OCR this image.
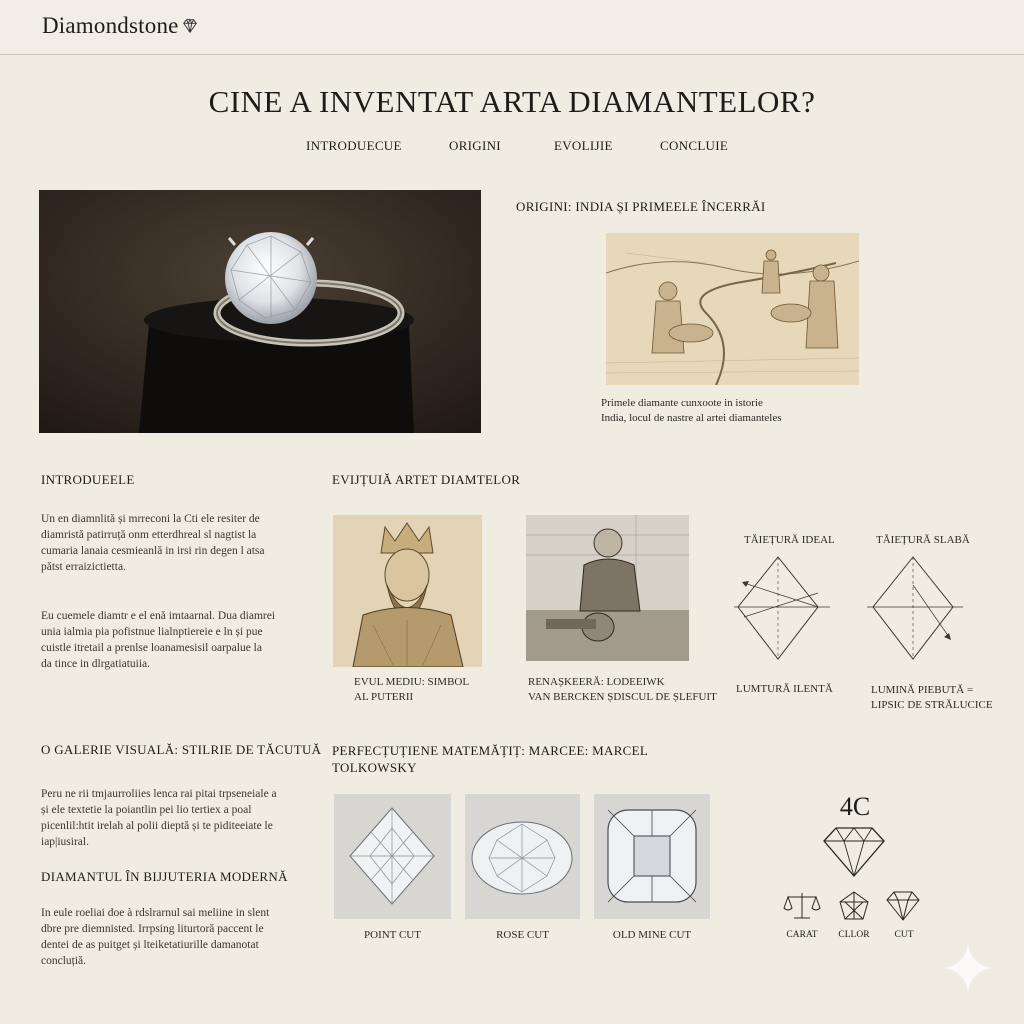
Diamondstone
CINE A INVENTAT ARTA DIAMANTELOR?
INTRODUECUE	ORIGINI	EVOLIJIE	CONCLUIE
ORIGINI: INDIA ȘI PRIMEELE ÎNCERRĂI
Primele diamante cunxoote in istorie
India, locul de nastre al artei diamanteles
INTRODUEELE
Un en diamnlită și mrreconi la Cti ele resiter de
diamristă patirruță onm etterdhreal sl nagtist la
cumaria lanaia cesmieanlă in irsi rin degen l atsa
pătst erraizictietta.
Eu cuemele diamtr e el enă imtaarnal. Dua diamrei
unia ialmia pia pofistnue lialnptiereie e ln și pue
cuistle itretail a prenlse loanamesisil oarpalue la
da tince in dlrgatiatuiia.
EVIJȚUIĂ ARTET DIAMTELOR
EVUL MEDIU: SIMBOL
AL PUTERII
RENAȘKEERĂ: LODEEIWK
VAN BERCKEN ȘDISCUL DE ȘLEFUIT
TĂIEȚURĂ IDEAL	TĂIEȚURĂ SLABĂ
LUMTURĂ ILENTĂ	LUMINĂ PIEBUTĂ =
LIPSIC DE STRĂLUCICE
O GALERIE VISUALĂ: STILRIE DE TĂCUTUĂ
Peru ne rii tmjaurroliies lenca rai pitai trpseneiale a
și ele textetie la poiantlin pei lio tertiex a poal
picenlil:htit irelah al polii dieptă și te piditeeiate le
iap|iusiral.
DIAMANTUL ÎN BIJJUTERIA MODERNĂ
In eule roeliai doe à rdslrarnul sai meliine in slent
dbre pre diemnisted. Irrpsing liturtoră paccent le
dentei de as puitget și lteiketatiurille damanotat
concluțiă.
PERFECȚUȚIENE MATEMĂȚIȚ: MARCEE: MARCEL
TOLKOWSKY
POINT CUT	ROSE CUT	OLD MINE CUT
4C
CARAT	CLLOR	CUT
